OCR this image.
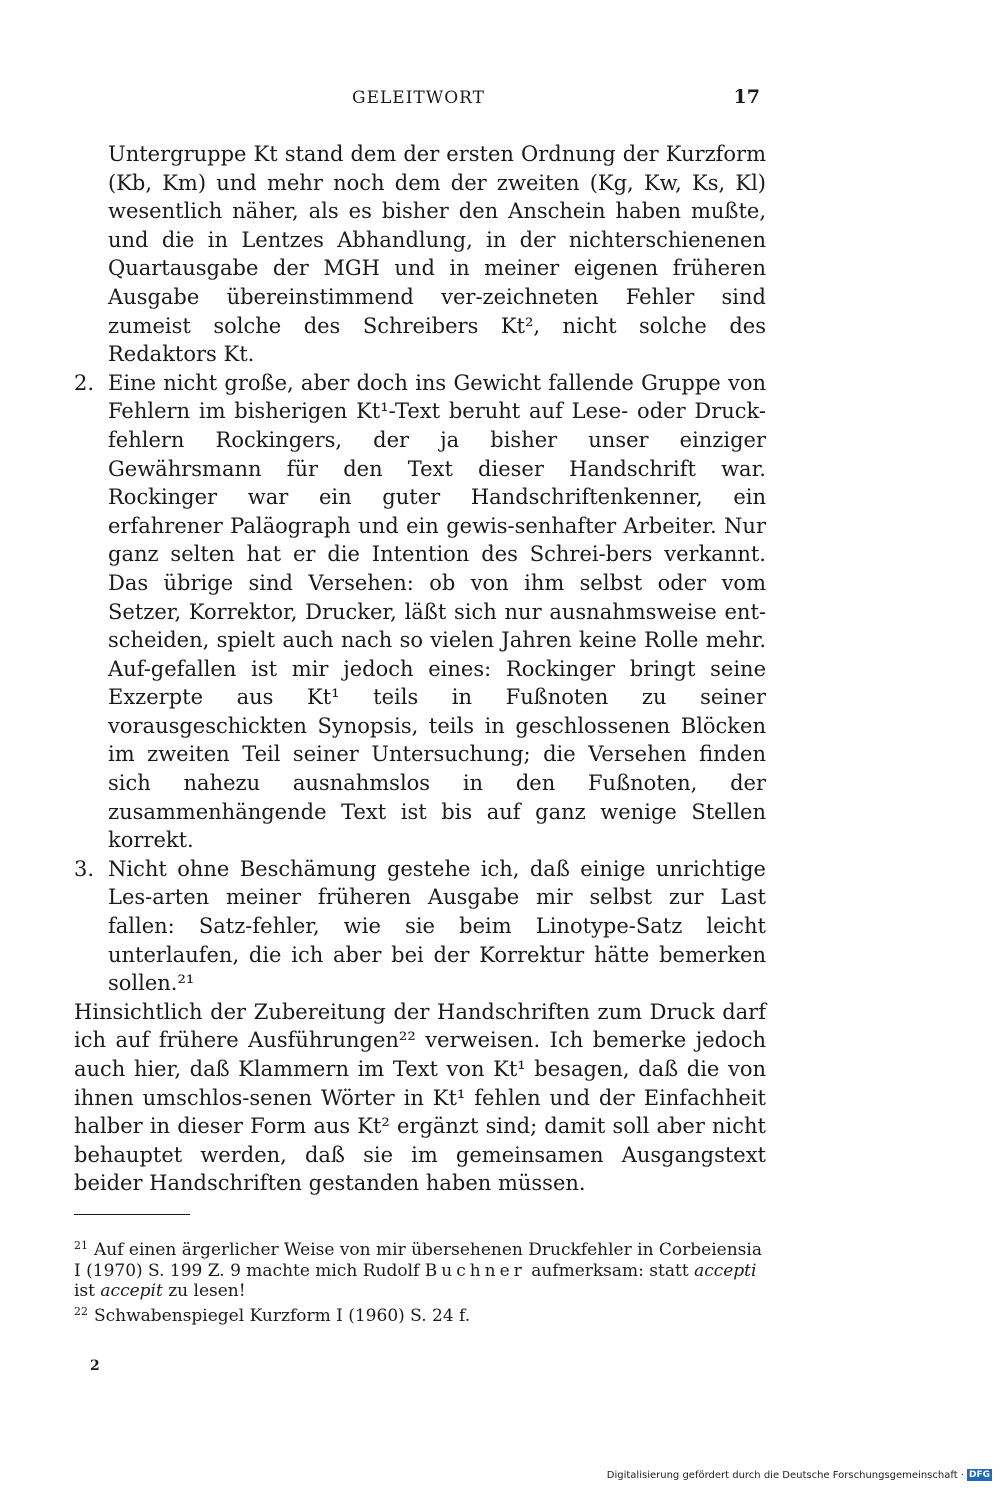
GELEITWORT	17

Untergruppe Kt stand dem der ersten Ordnung der Kurzform (Kb, Km) und mehr noch dem der zweiten (Kg, Kw, Ks, Kl) wesentlich näher, als es bisher den Anschein haben mußte, und die in Lentzes Abhandlung, in der nichterschienenen Quartausgabe der MGH und in meiner eigenen früheren Ausgabe übereinstimmend ver-zeichneten Fehler sind zumeist solche des Schreibers Kt², nicht solche des Redaktors Kt.

2. Eine nicht große, aber doch ins Gewicht fallende Gruppe von Fehlern im bisherigen Kt¹-Text beruht auf Lese- oder Druck-fehlern Rockingers, der ja bisher unser einziger Gewährsmann für den Text dieser Handschrift war. Rockinger war ein guter Handschriftenkenner, ein erfahrener Paläograph und ein gewis-senhafter Arbeiter. Nur ganz selten hat er die Intention des Schrei-bers verkannt. Das übrige sind Versehen: ob von ihm selbst oder vom Setzer, Korrektor, Drucker, läßt sich nur ausnahmsweise ent-scheiden, spielt auch nach so vielen Jahren keine Rolle mehr. Auf-gefallen ist mir jedoch eines: Rockinger bringt seine Exzerpte aus Kt¹ teils in Fußnoten zu seiner vorausgeschickten Synopsis, teils in geschlossenen Blöcken im zweiten Teil seiner Untersuchung; die Versehen finden sich nahezu ausnahmslos in den Fußnoten, der zusammenhängende Text ist bis auf ganz wenige Stellen korrekt.
3. Nicht ohne Beschämung gestehe ich, daß einige unrichtige Les-arten meiner früheren Ausgabe mir selbst zur Last fallen: Satz-fehler, wie sie beim Linotype-Satz leicht unterlaufen, die ich aber bei der Korrektur hätte bemerken sollen.²¹

Hinsichtlich der Zubereitung der Handschriften zum Druck darf ich auf frühere Ausführungen²² verweisen. Ich bemerke jedoch auch hier, daß Klammern im Text von Kt¹ besagen, daß die von ihnen umschlos-senen Wörter in Kt¹ fehlen und der Einfachheit halber in dieser Form aus Kt² ergänzt sind; damit soll aber nicht behauptet werden, daß sie im gemeinsamen Ausgangstext beider Handschriften gestanden haben müssen.

$^{21}$ Auf einen ärgerlicher Weise von mir übersehenen Druckfehler in Corbeiensia I (1970) S. 199 Z. 9 machte mich Rudolf Buchner aufmerksam: statt accepti ist accepit zu lesen!

$^{22}$ Schwabenspiegel Kurzform I (1960) S. 24 f.

2
Digitalisierung gefördert durch die Deutsche Forschungsgemeinschaft · DFG
